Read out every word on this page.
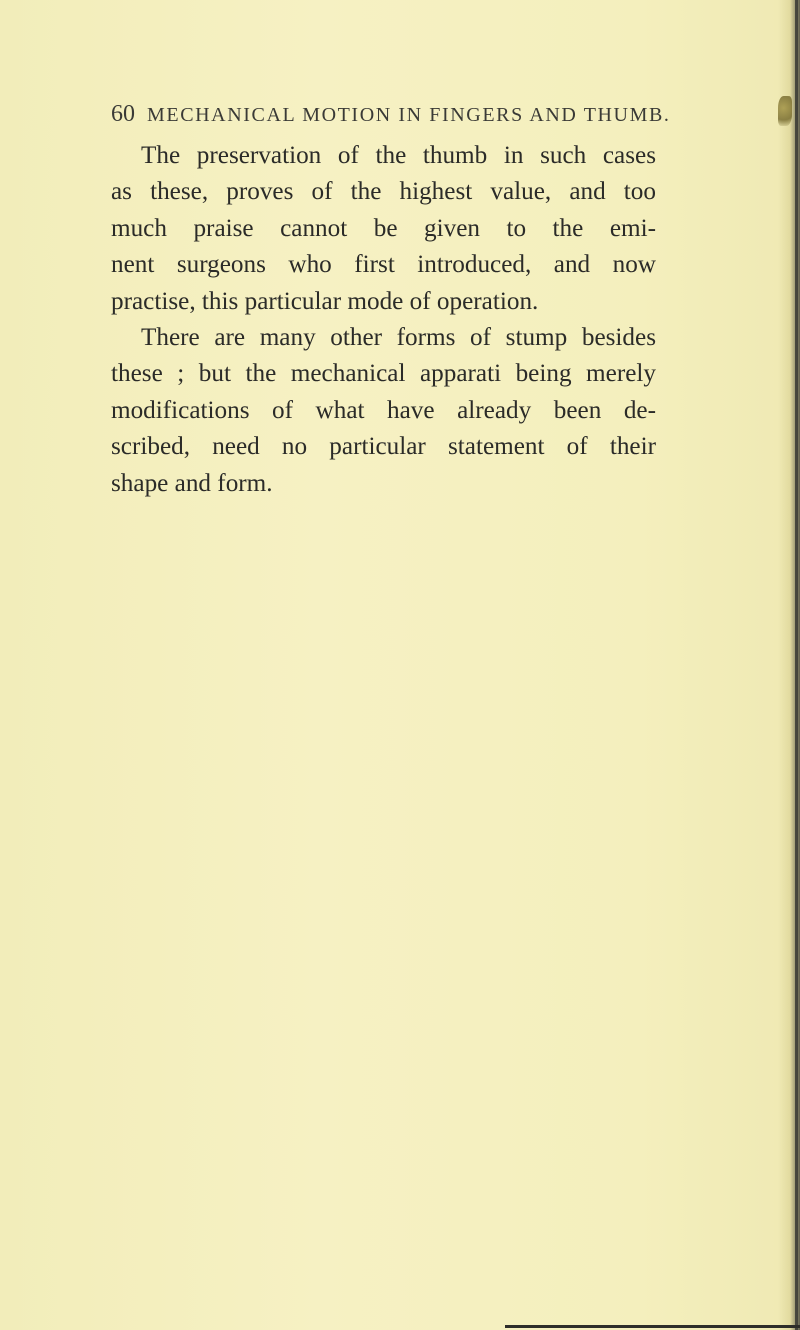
60 MECHANICAL MOTION IN FINGERS AND THUMB.
The preservation of the thumb in such cases
as these, proves of the highest value, and too
much praise cannot be given to the emi-
nent surgeons who first introduced, and now
practise, this particular mode of operation.
There are many other forms of stump besides
these ; but the mechanical apparati being merely
modifications of what have already been de-
scribed, need no particular statement of their
shape and form.
